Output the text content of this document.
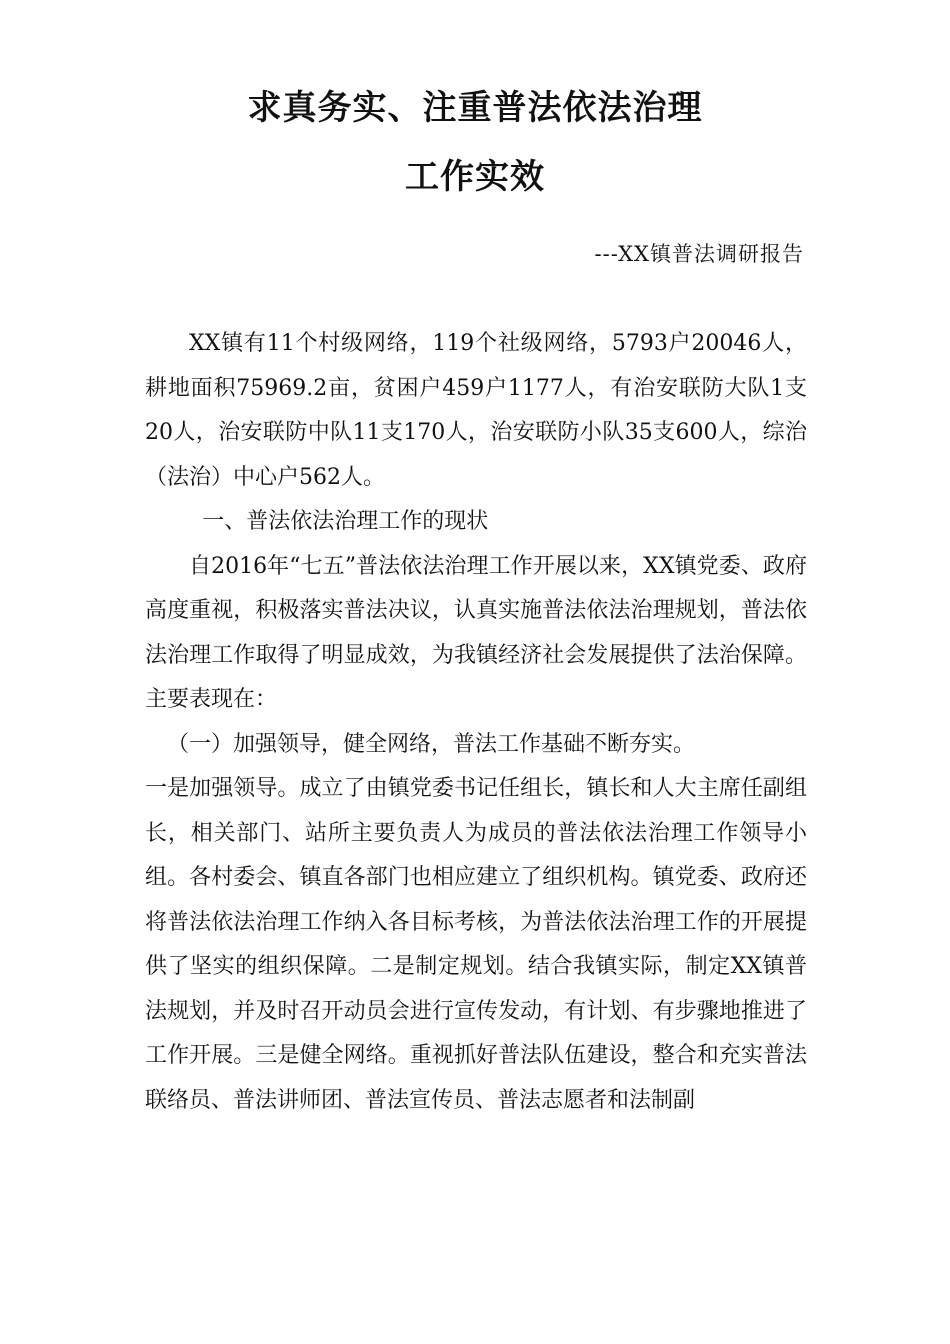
求真务实、注重普法依法治理
工作实效
---XX镇普法调研报告

XX镇有11个村级网络，119个社级网络，5793户20046人，耕地面积75969.2亩，贫困户459户1177人，有治安联防大队1支20人，治安联防中队11支170人，治安联防小队35支600人，综治（法治）中心户562人。

一、普法依法治理工作的现状

自2016年“七五”普法依法治理工作开展以来，XX镇党委、政府高度重视，积极落实普法决议，认真实施普法依法治理规划，普法依法治理工作取得了明显成效，为我镇经济社会发展提供了法治保障。主要表现在：

（一）加强领导，健全网络，普法工作基础不断夯实。

一是加强领导。成立了由镇党委书记任组长，镇长和人大主席任副组长，相关部门、站所主要负责人为成员的普法依法治理工作领导小组。各村委会、镇直各部门也相应建立了组织机构。镇党委、政府还将普法依法治理工作纳入各目标考核，为普法依法治理工作的开展提供了坚实的组织保障。二是制定规划。结合我镇实际，制定XX镇普法规划，并及时召开动员会进行宣传发动，有计划、有步骤地推进了工作开展。三是健全网络。重视抓好普法队伍建设，整合和充实普法联络员、普法讲师团、普法宣传员、普法志愿者和法制副
